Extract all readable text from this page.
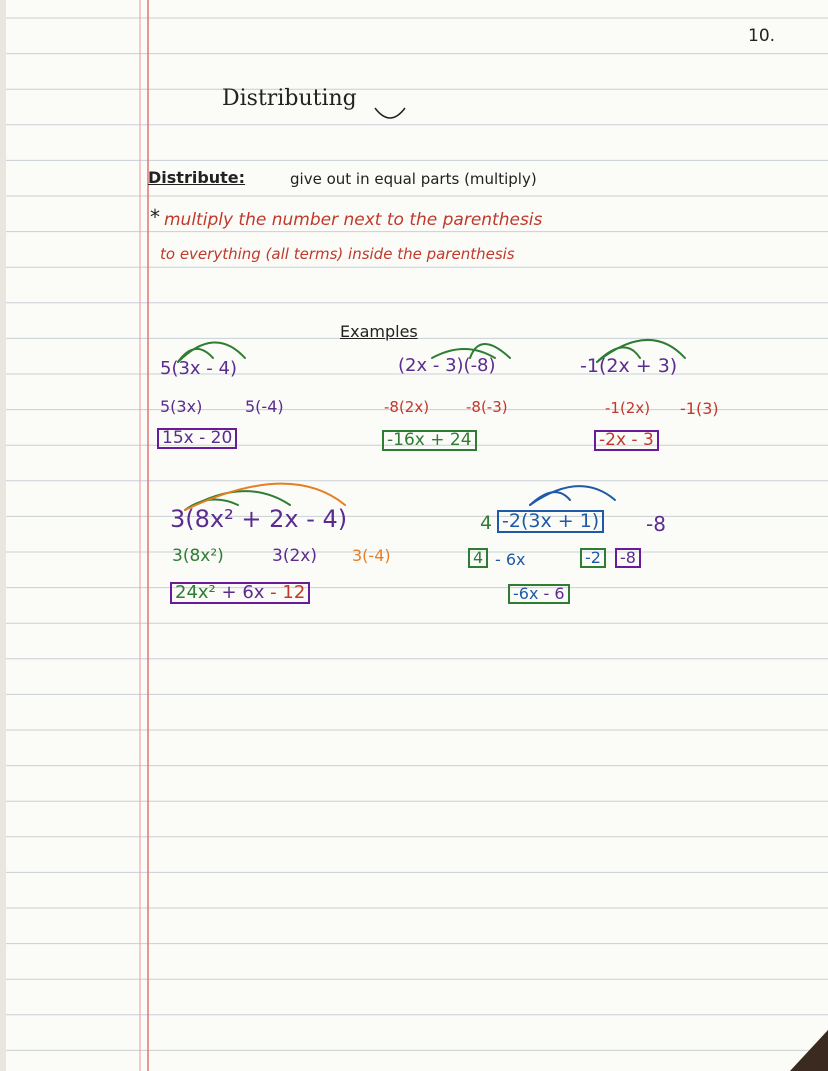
10.
Distributing
Distribute:	give out in equal parts (multiply)
* multiply the number next to the parenthesis
to everything (all terms) inside the parenthesis
Examples
5(3x - 4)
5(3x)	5(-4)
15x - 20
(2x - 3)(-8)
-8(2x) -8(-3)
-16x + 24
-1(2x + 3)
-1(2x) -1(3)
-2x - 3
3(8x² + 2x - 4)
3(8x²)	3(2x) 3(-4)
24x² + 6x - 12
4 -2(3x + 1) -8
4 - 6x	-2	-8
-6x - 6
